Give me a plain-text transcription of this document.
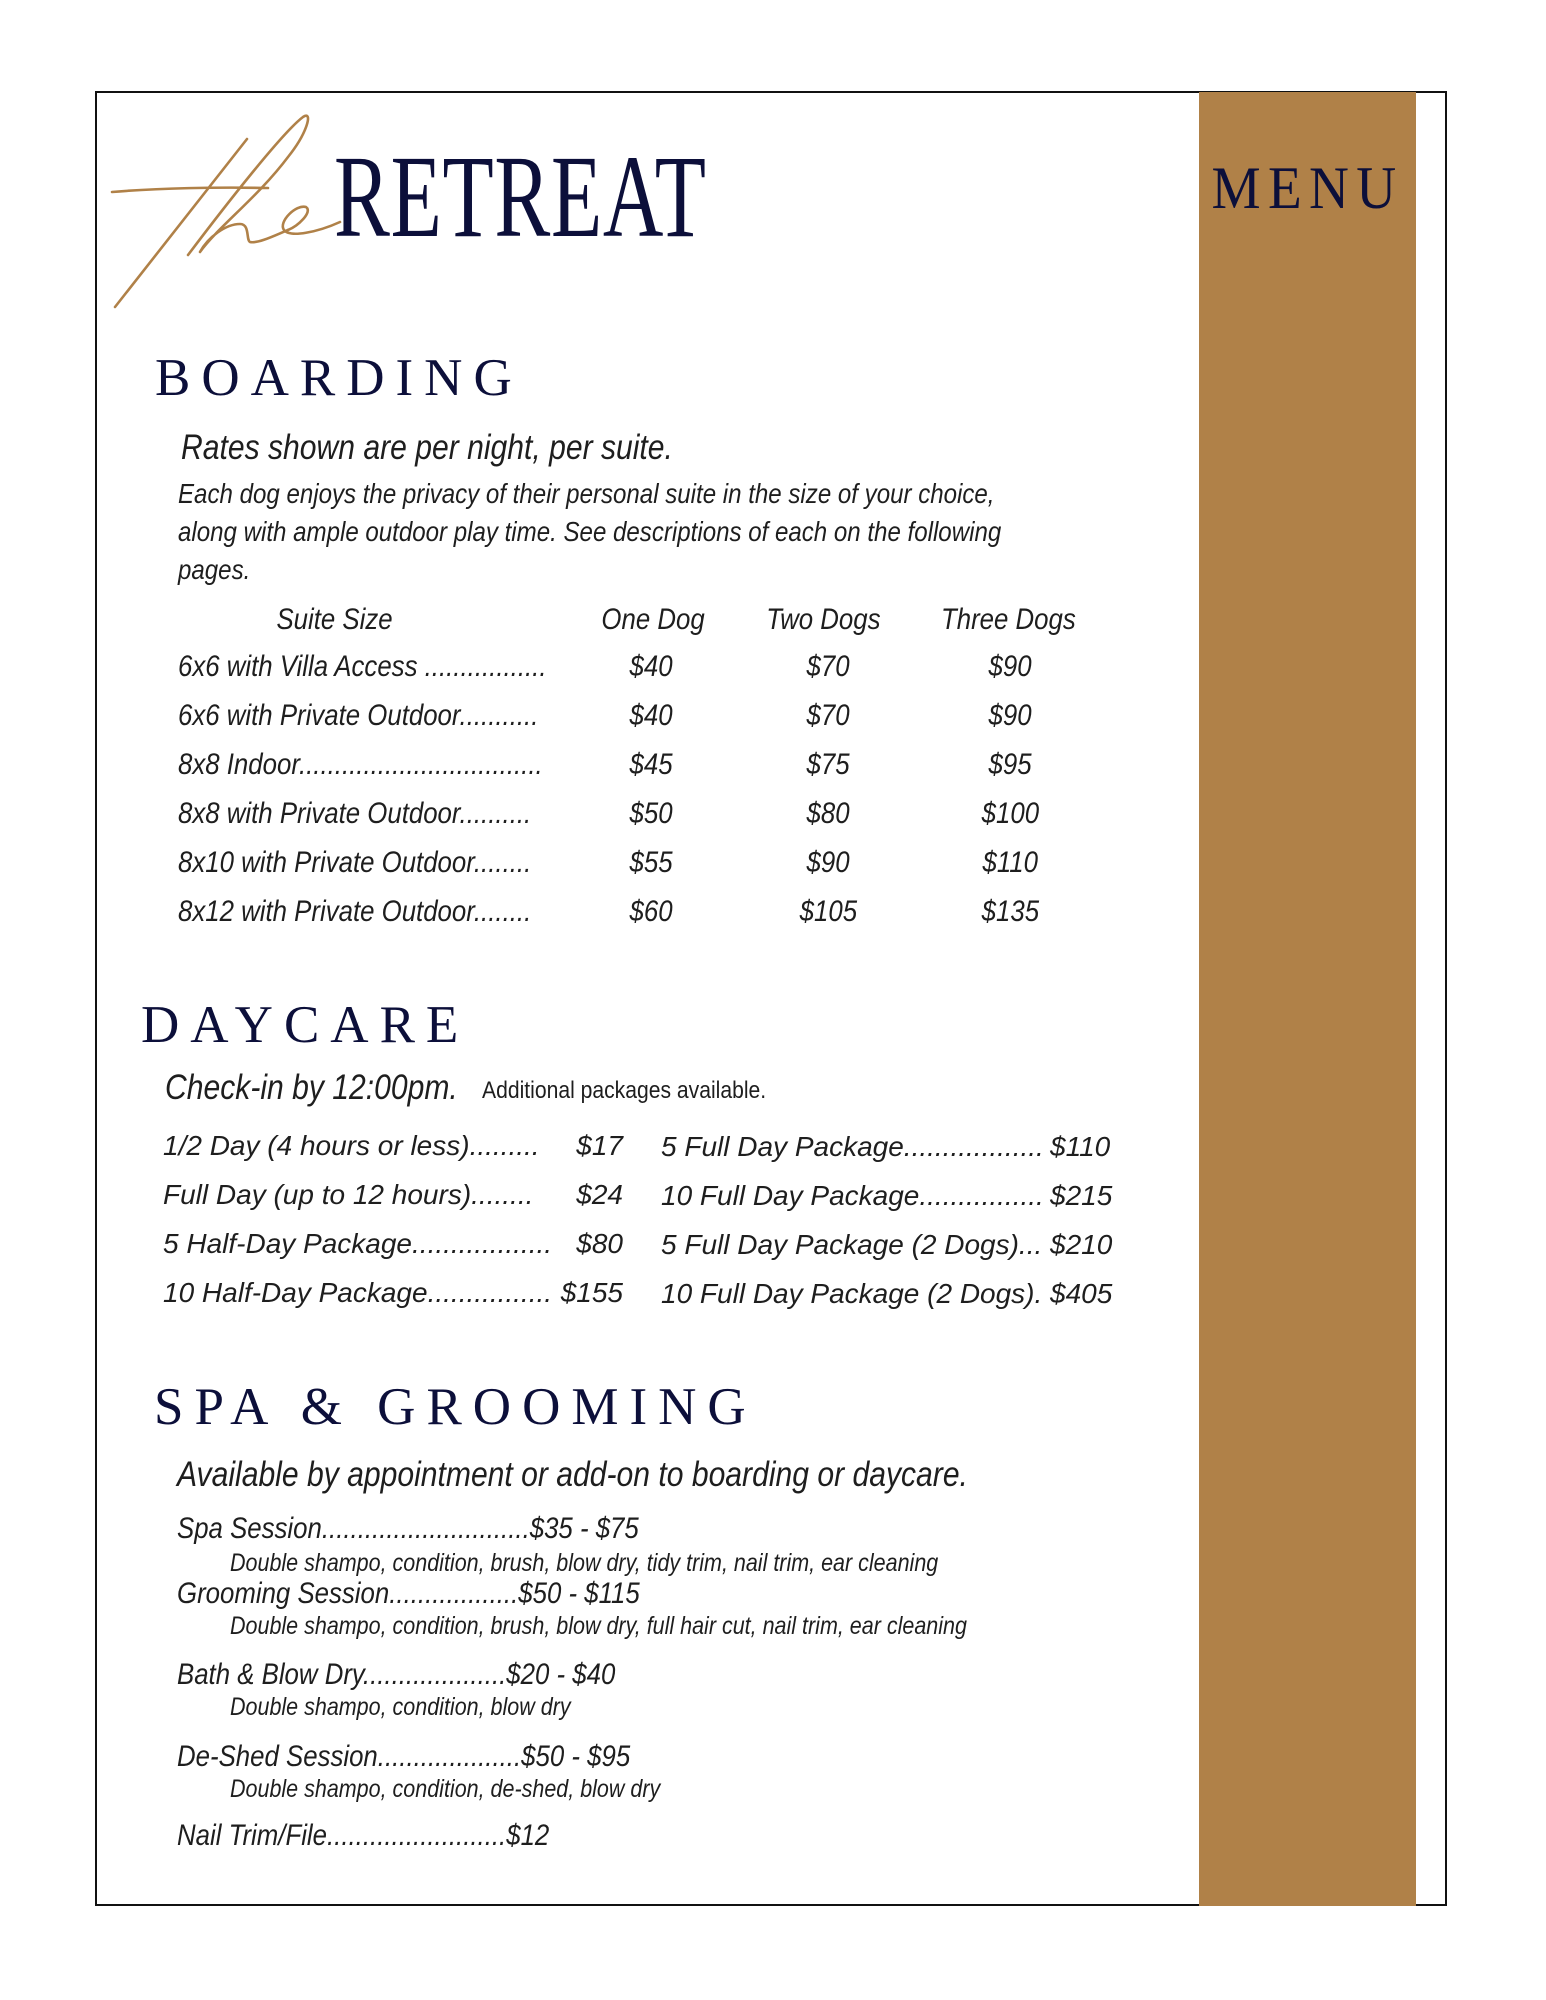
MENU
RETREAT
BOARDING
Rates shown are per night, per suite.
Each dog enjoys the privacy of their personal suite in the size of your choice,
along with ample outdoor play time. See descriptions of each on the following
pages.
Suite Size	One Dog	Two Dogs	Three Dogs
6x6 with Villa Access .................	$40	$70	$90
6x6 with Private Outdoor...........	$40	$70	$90
8x8 Indoor..................................	$45	$75	$95
8x8 with Private Outdoor..........	$50	$80	$100
8x10 with Private Outdoor........	$55	$90	$110
8x12 with Private Outdoor........	$60	$105	$135
DAYCARE
Check-in by 12:00pm. Additional packages available.
1/2 Day (4 hours or less).........	$17
Full Day (up to 12 hours)........	$24
5 Half-Day Package.................. $80
10 Half-Day Package................ $155
5 Full Day Package.................. $110
10 Full Day Package................ $215
5 Full Day Package (2 Dogs)... $210
10 Full Day Package (2 Dogs). $405
SPA & GROOMING
Available by appointment or add-on to boarding or daycare.
Spa Session.............................$35 - $75
Double shampo, condition, brush, blow dry, tidy trim, nail trim, ear cleaning
Grooming Session..................$50 - $115
Double shampo, condition, brush, blow dry, full hair cut, nail trim, ear cleaning
Bath & Blow Dry....................$20 - $40
Double shampo, condition, blow dry
De-Shed Session....................$50 - $95
Double shampo, condition, de-shed, blow dry
Nail Trim/File.........................$12
